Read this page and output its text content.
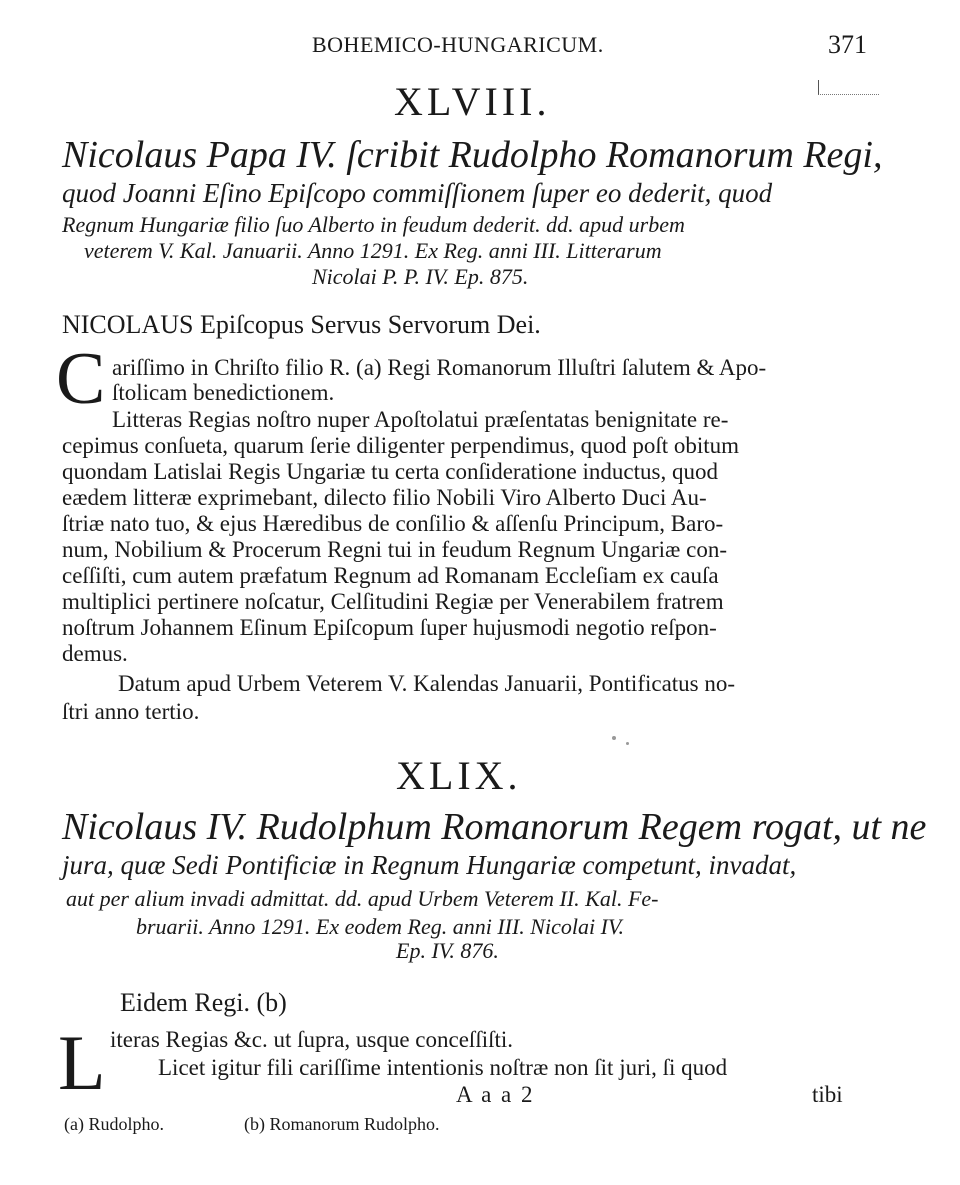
BOHEMICO-HUNGARICUM.	371
XLVIII.
Nicolaus Papa IV. ſcribit Rudolpho Romanorum Regi,
quod Joanni Eſino Epiſcopo commiſſionem ſuper eo dederit, quod
Regnum Hungariæ filio ſuo Alberto in feudum dederit. dd. apud urbem
veterem V. Kal. Januarii. Anno 1291. Ex Reg. anni III. Litterarum
Nicolai P. P. IV. Ep. 875.
NICOLAUS Epiſcopus Servus Servorum Dei.
C ariſſimo in Chriſto filio R. (a) Regi Romanorum Illuſtri ſalutem & Apo-
ſtolicam benedictionem.
Litteras Regias noſtro nuper Apoſtolatui præſentatas benignitate re-
cepimus conſueta, quarum ſerie diligenter perpendimus, quod poſt obitum
quondam Latislai Regis Ungariæ tu certa conſideratione inductus, quod
eædem litteræ exprimebant, dilecto filio Nobili Viro Alberto Duci Au-
ſtriæ nato tuo, & ejus Hæredibus de conſilio & aſſenſu Principum, Baro-
num, Nobilium & Procerum Regni tui in feudum Regnum Ungariæ con-
ceſſiſti, cum autem præfatum Regnum ad Romanam Eccleſiam ex cauſa
multiplici pertinere noſcatur, Celſitudini Regiæ per Venerabilem fratrem
noſtrum Johannem Eſinum Epiſcopum ſuper hujusmodi negotio reſpon-
demus.
Datum apud Urbem Veterem V. Kalendas Januarii, Pontificatus no-
ſtri anno tertio.
XLIX.
Nicolaus IV. Rudolphum Romanorum Regem rogat, ut ne
jura, quæ Sedi Pontificiæ in Regnum Hungariæ competunt, invadat,
aut per alium invadi admittat. dd. apud Urbem Veterem II. Kal. Fe-
bruarii. Anno 1291. Ex eodem Reg. anni III. Nicolai IV.
Ep. IV. 876.
Eidem Regi. (b)
L iteras Regias &c. ut ſupra, usque conceſſiſti.
Licet igitur fili cariſſime intentionis noſtræ non ſit juri, ſi quod
A a a 2	tibi
(a) Rudolpho.	(b) Romanorum Rudolpho.
